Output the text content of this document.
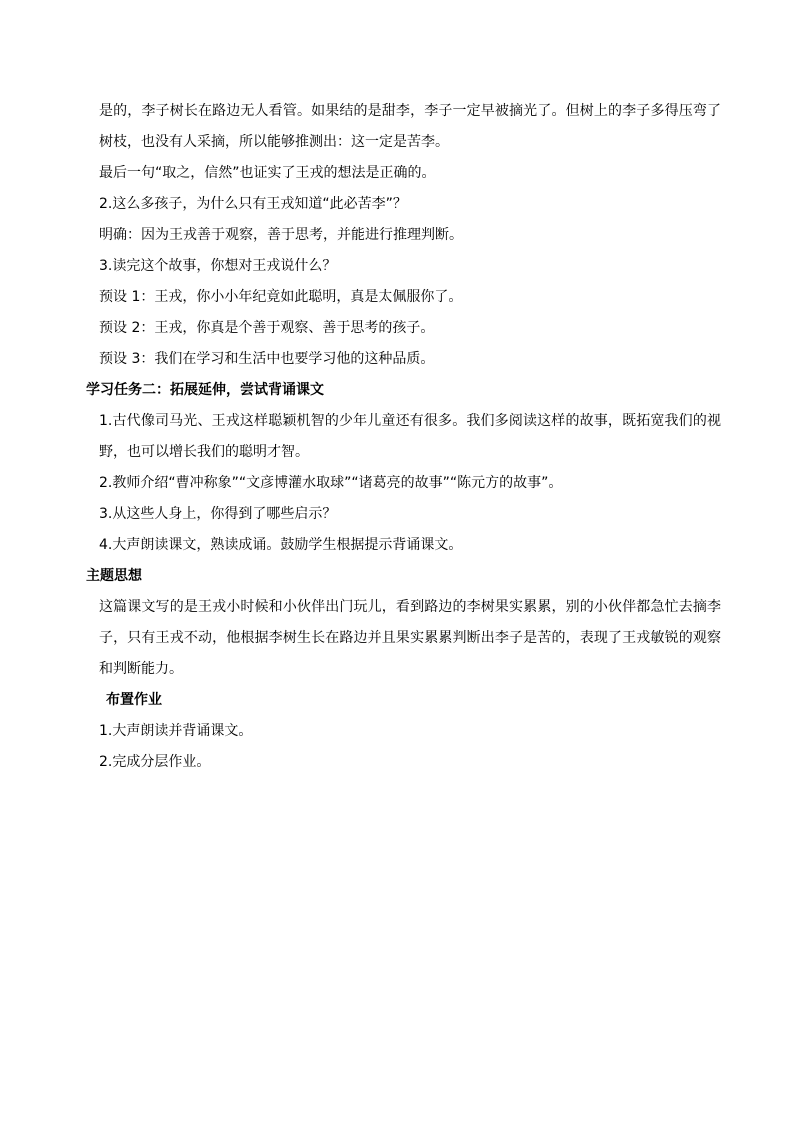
是的，李子树长在路边无人看管。如果结的是甜李，李子一定早被摘光了。但树上的李子多得压弯了树枝，也没有人采摘，所以能够推测出：这一定是苦李。

最后一句“取之，信然”也证实了王戎的想法是正确的。

2.这么多孩子，为什么只有王戎知道“此必苦李”？

明确：因为王戎善于观察，善于思考，并能进行推理判断。

3.读完这个故事，你想对王戎说什么？

预设 1：王戎，你小小年纪竟如此聪明，真是太佩服你了。

预设 2：王戎，你真是个善于观察、善于思考的孩子。

预设 3：我们在学习和生活中也要学习他的这种品质。

学习任务二：拓展延伸，尝试背诵课文

1.古代像司马光、王戎这样聪颖机智的少年儿童还有很多。我们多阅读这样的故事，既拓宽我们的视野，也可以增长我们的聪明才智。

2.教师介绍“曹冲称象”“文彦博灌水取球”“诸葛亮的故事”“陈元方的故事”。

3.从这些人身上，你得到了哪些启示？

4.大声朗读课文，熟读成诵。鼓励学生根据提示背诵课文。

主题思想

这篇课文写的是王戎小时候和小伙伴出门玩儿，看到路边的李树果实累累，别的小伙伴都急忙去摘李子，只有王戎不动，他根据李树生长在路边并且果实累累判断出李子是苦的，表现了王戎敏锐的观察和判断能力。

布置作业

1.大声朗读并背诵课文。

2.完成分层作业。
